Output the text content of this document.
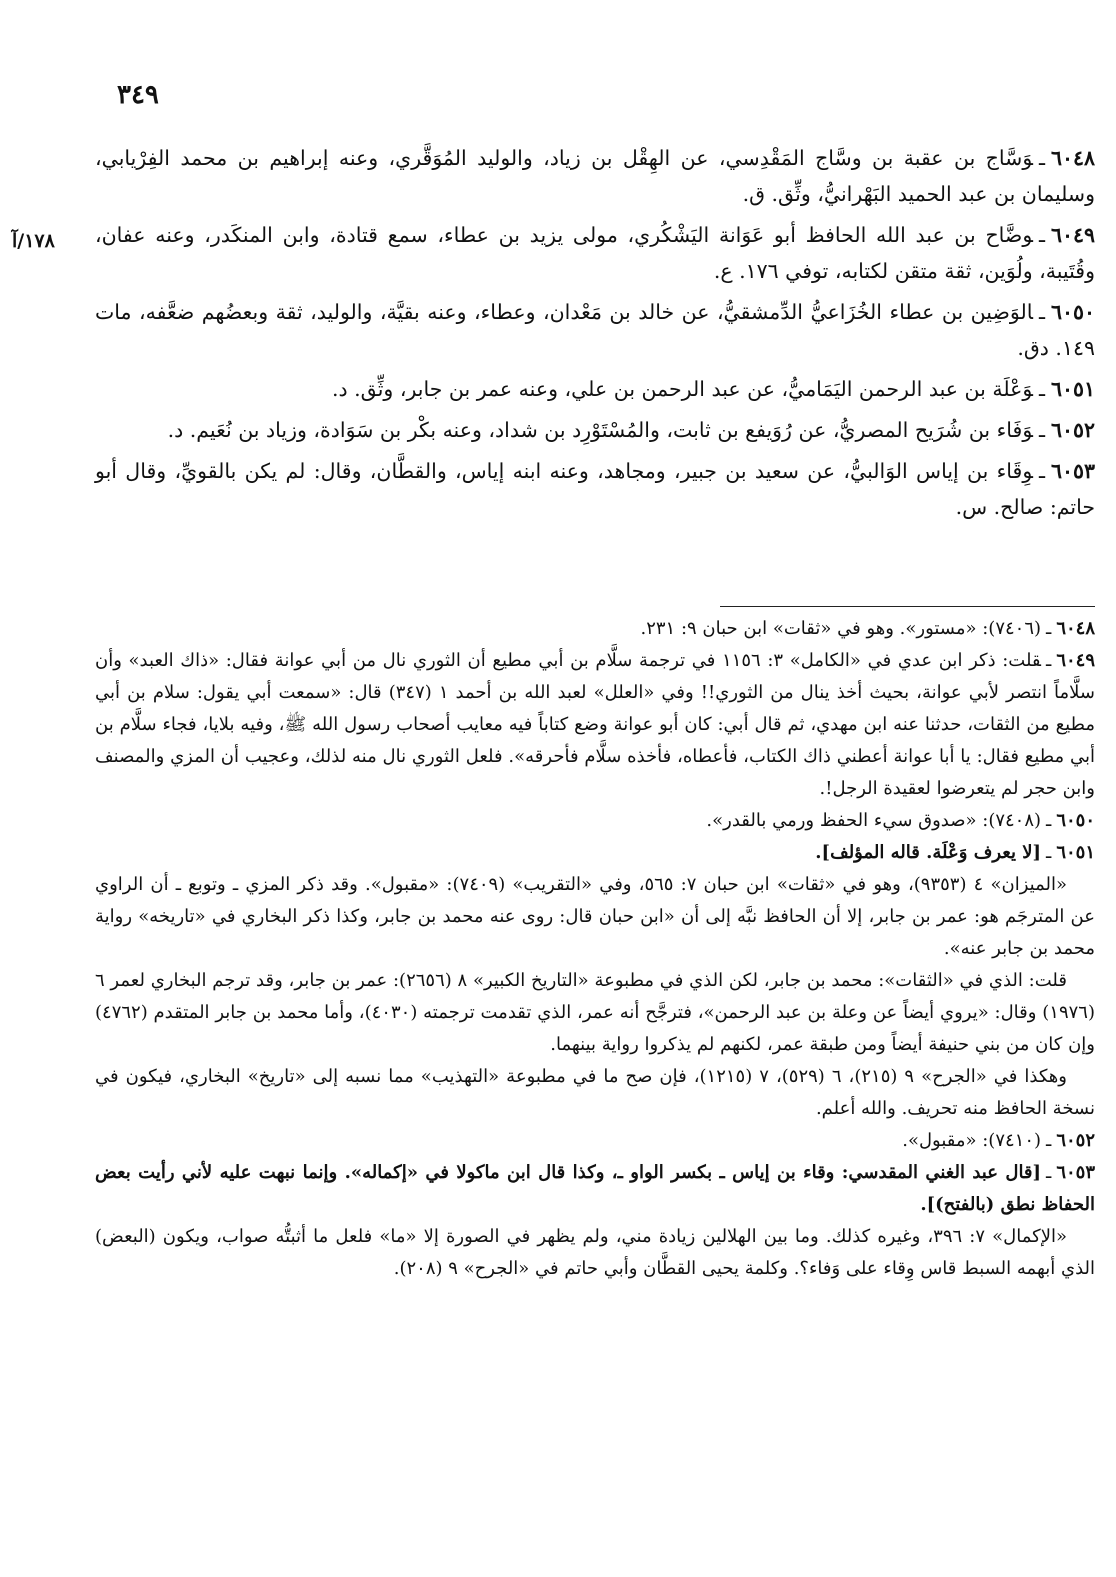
٣٤٩
١٧٨/آ

٦٠٤٨ـوَسَّاج بن عقبة بن وسَّاج المَقْدِسي، عن الهِقْل بن زياد، والوليد المُوَقَّري، وعنه إبراهيم بن محمد الفِرْيابي، وسليمان بن عبد الحميد البَهْرانيُّ، وثِّق. ق.

٦٠٤٩ـوضَّاح بن عبد الله الحافظ أبو عَوَانة اليَشْكُري، مولى يزيد بن عطاء، سمع قتادة، وابن المنكَدر، وعنه عفان، وقُتَيبة، ولُوَين، ثقة متقن لكتابه، توفي ١٧٦. ع.

٦٠٥٠ـالوَضِين بن عطاء الخُزَاعيُّ الدِّمشقيُّ، عن خالد بن مَعْدان، وعطاء، وعنه بقيَّة، والوليد، ثقة وبعضُهم ضعَّفه، مات ١٤٩. دق.

٦٠٥١ـوَعْلَة بن عبد الرحمن اليَمَاميُّ، عن عبد الرحمن بن علي، وعنه عمر بن جابر، وثِّق. د.

٦٠٥٢ـوَفَاء بن شُرَيح المصريُّ، عن رُوَيفع بن ثابت، والمُسْتَوْرِد بن شداد، وعنه بكْر بن سَوَادة، وزياد بن نُعَيم. د.

٦٠٥٣ـوِقَاء بن إياس الوَالبيُّ، عن سعيد بن جبير، ومجاهد، وعنه ابنه إياس، والقطَّان، وقال: لم يكن بالقويِّ، وقال أبو حاتم: صالح. س.

٦٠٤٨ـ(٧٤٠٦): «مستور». وهو في «ثقات» ابن حبان ٩: ٢٣١.

٦٠٤٩ـقلت: ذكر ابن عدي في «الكامل» ٣: ١١٥٦ في ترجمة سلَّام بن أبي مطيع أن الثوري نال من أبي عوانة فقال: «ذاك العبد» وأن سلَّاماً انتصر لأبي عوانة، بحيث أخذ ينال من الثوري!! وفي «العلل» لعبد الله بن أحمد ١ (٣٤٧) قال: «سمعت أبي يقول: سلام بن أبي مطيع من الثقات، حدثنا عنه ابن مهدي، ثم قال أبي: كان أبو عوانة وضع كتاباً فيه معايب أصحاب رسول الله ﷺ، وفيه بلايا، فجاء سلَّام بن أبي مطيع فقال: يا أبا عوانة أعطني ذاك الكتاب، فأعطاه، فأخذه سلَّام فأحرقه». فلعل الثوري نال منه لذلك، وعجيب أن المزي والمصنف وابن حجر لم يتعرضوا لعقيدة الرجل!.

٦٠٥٠ـ(٧٤٠٨): «صدوق سيء الحفظ ورمي بالقدر».

٦٠٥١ـ[لا يعرف وَعْلَة. قاله المؤلف].

«الميزان» ٤ (٩٣٥٣)، وهو في «ثقات» ابن حبان ٧: ٥٦٥، وفي «التقريب» (٧٤٠٩): «مقبول». وقد ذكر المزي ـ وتوبع ـ أن الراوي عن المترجَم هو: عمر بن جابر، إلا أن الحافظ نبَّه إلى أن «ابن حبان قال: روى عنه محمد بن جابر، وكذا ذكر البخاري في «تاريخه» رواية محمد بن جابر عنه».

قلت: الذي في «الثقات»: محمد بن جابر، لكن الذي في مطبوعة «التاريخ الكبير» ٨ (٢٦٥٦): عمر بن جابر، وقد ترجم البخاري لعمر ٦ (١٩٧٦) وقال: «يروي أيضاً عن وعلة بن عبد الرحمن»، فترجَّح أنه عمر، الذي تقدمت ترجمته (٤٠٣٠)، وأما محمد بن جابر المتقدم (٤٧٦٢) وإن كان من بني حنيفة أيضاً ومن طبقة عمر، لكنهم لم يذكروا رواية بينهما.

وهكذا في «الجرح» ٩ (٢١٥)، ٦ (٥٢٩)، ٧ (١٢١٥)، فإن صح ما في مطبوعة «التهذيب» مما نسبه إلى «تاريخ» البخاري، فيكون في نسخة الحافظ منه تحريف. والله أعلم.

٦٠٥٢ـ(٧٤١٠): «مقبول».

٦٠٥٣ـ[قال عبد الغني المقدسي: وقاء بن إياس ـ بكسر الواو ـ، وكذا قال ابن ماكولا في «إكماله». وإنما نبهت عليه لأني رأيت بعض الحفاظ نطق (بالفتح)].

«الإكمال» ٧: ٣٩٦، وغيره كذلك. وما بين الهلالين زيادة مني، ولم يظهر في الصورة إلا «ما» فلعل ما أثبتُّه صواب، ويكون (البعض) الذي أبهمه السبط قاس وِقاء على وَفاء؟. وكلمة يحيى القطَّان وأبي حاتم في «الجرح» ٩ (٢٠٨).
